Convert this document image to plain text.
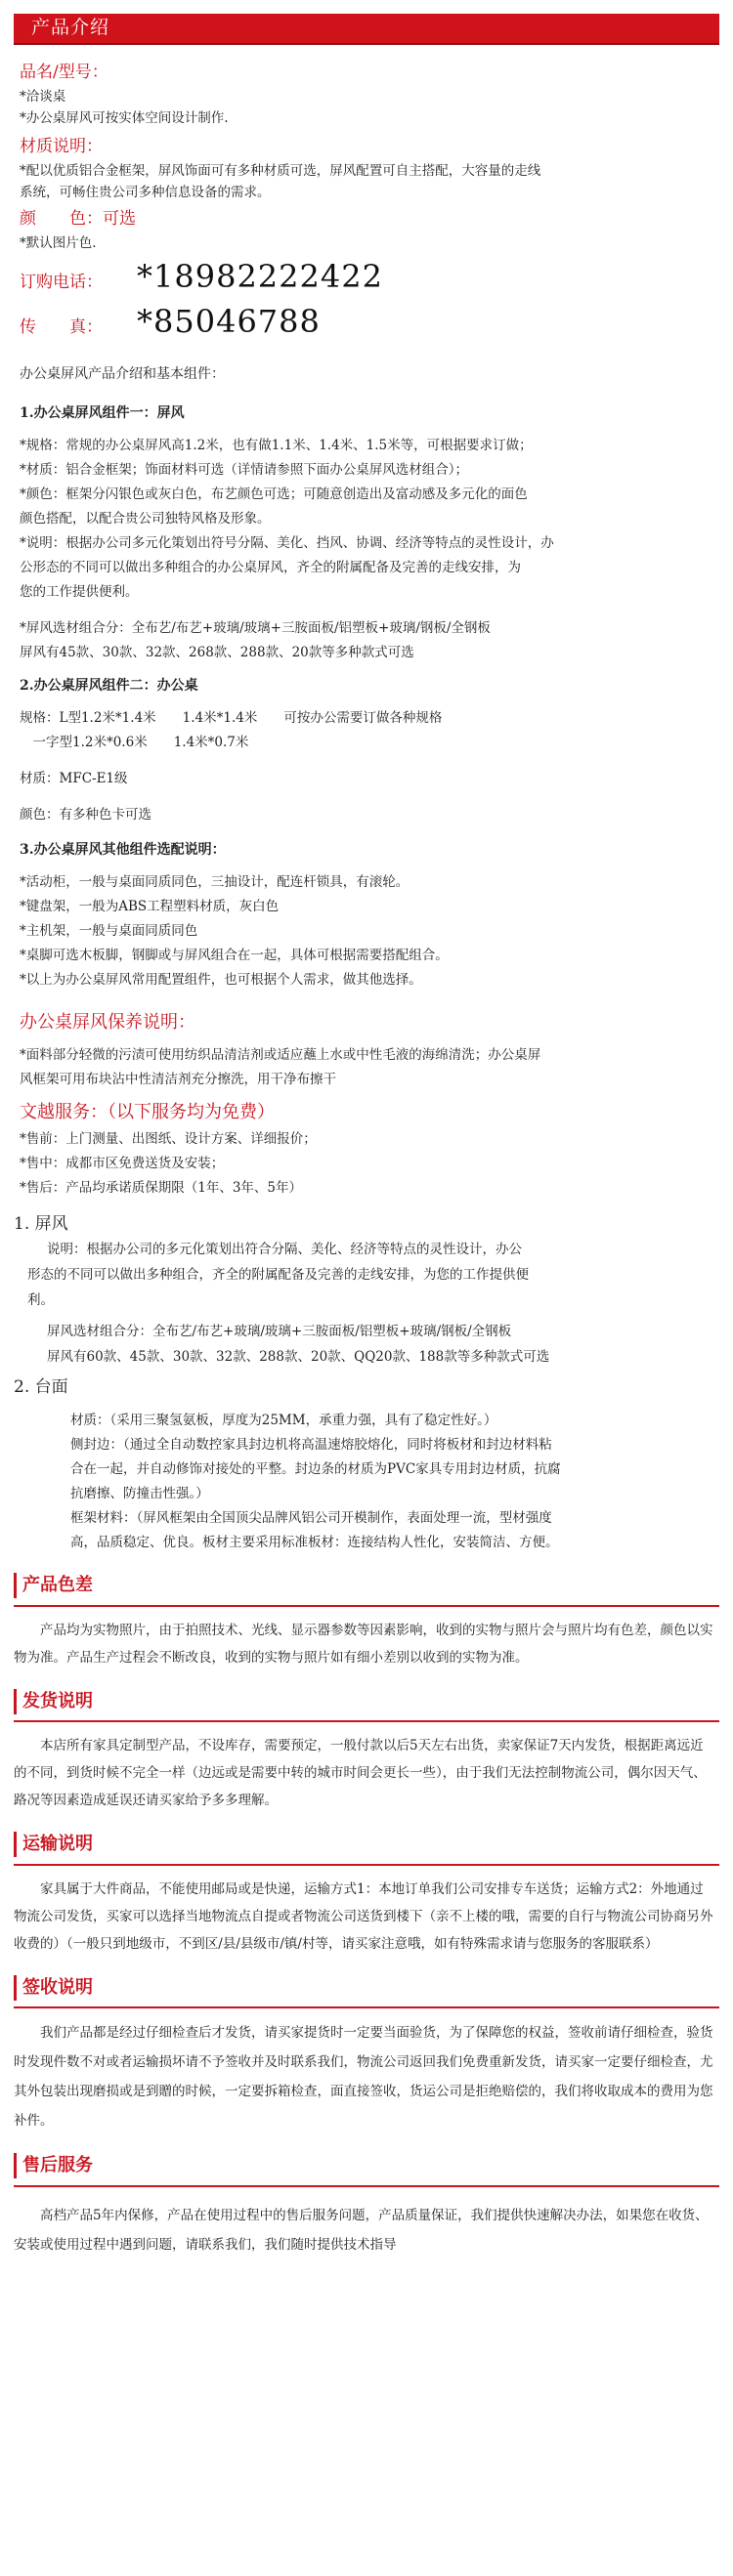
产品介绍
品名/型号：
*洽谈桌
*办公桌屏风可按实体空间设计制作.
材质说明：
*配以优质铝合金框架，屏风饰面可有多种材质可选，屏风配置可自主搭配，大容量的走线
系统，可畅住贵公司多种信息设备的需求。
颜　　色：可选
*默认图片色.
订购电话：	*18982222422
传　　真：	*85046788
办公桌屏风产品介绍和基本组件：
1.办公桌屏风组件一：屏风
*规格：常规的办公桌屏风高1.2米，也有做1.1米、1.4米、1.5米等，可根据要求订做；
*材质：铝合金框架；饰面材料可选（详情请参照下面办公桌屏风选材组合）；
*颜色：框架分闪银色或灰白色，布艺颜色可选；可随意创造出及富动感及多元化的面色
颜色搭配，以配合贵公司独特风格及形象。
*说明：根据办公司多元化策划出符号分隔、美化、挡风、协调、经济等特点的灵性设计，办
公形态的不同可以做出多种组合的办公桌屏风，齐全的附属配备及完善的走线安排，为
您的工作提供便利。
*屏风选材组合分：全布艺/布艺+玻璃/玻璃+三胺面板/铝塑板+玻璃/钢板/全钢板
屏风有45款、30款、32款、268款、288款、20款等多种款式可选
2.办公桌屏风组件二：办公桌
规格：L型1.2米*1.4米　　1.4米*1.4米　　可按办公需要订做各种规格
　一字型1.2米*0.6米　　1.4米*0.7米
材质：MFC-E1级
颜色：有多种色卡可选
3.办公桌屏风其他组件选配说明：
*活动柜，一般与桌面同质同色，三抽设计，配连杆锁具，有滚轮。
*键盘架，一般为ABS工程塑料材质，灰白色
*主机架，一般与桌面同质同色
*桌脚可选木板脚，钢脚或与屏风组合在一起，具体可根据需要搭配组合。
*以上为办公桌屏风常用配置组件，也可根据个人需求，做其他选择。
办公桌屏风保养说明：
*面料部分轻微的污渍可使用纺织品清洁剂或适应蘸上水或中性毛液的海绵清洗；办公桌屏
风框架可用布块沾中性清洁剂充分擦洗，用干净布擦干
文越服务：（以下服务均为免费）
*售前：上门测量、出图纸、设计方案、详细报价；
*售中：成都市区免费送货及安装；
*售后：产品均承诺质保期限（1年、3年、5年）
1. 屏风
说明：根据办公司的多元化策划出符合分隔、美化、经济等特点的灵性设计，办公
形态的不同可以做出多种组合，齐全的附属配备及完善的走线安排，为您的工作提供便
利。
屏风选材组合分：全布艺/布艺+玻璃/玻璃+三胺面板/铝塑板+玻璃/钢板/全钢板
屏风有60款、45款、30款、32款、288款、20款、QQ20款、188款等多种款式可选
2. 台面
材质：（采用三聚氢氨板，厚度为25MM，承重力强，具有了稳定性好。）
侧封边：（通过全自动数控家具封边机将高温速熔胶熔化，同时将板材和封边材料粘
合在一起，并自动修饰对接处的平整。封边条的材质为PVC家具专用封边材质，抗腐
抗磨擦、防撞击性强。）
框架材料：（屏风框架由全国顶尖品牌风铝公司开模制作，表面处理一流，型材强度
高，品质稳定、优良。板材主要采用标准板材：连接结构人性化，安装简洁、方便。
产品色差
产品均为实物照片，由于拍照技术、光线、显示器参数等因素影响，收到的实物与照片会与照片均有色差，颜色以实物为准。产品生产过程会不断改良，收到的实物与照片如有细小差别以收到的实物为准。
发货说明
本店所有家具定制型产品，不设库存，需要预定，一般付款以后5天左右出货，卖家保证7天内发货，根据距离远近的不同，到货时候不完全一样（边远或是需要中转的城市时间会更长一些），由于我们无法控制物流公司，偶尔因天气、路况等因素造成延误还请买家给予多多理解。
运输说明
家具属于大件商品，不能使用邮局或是快递，运输方式1：本地订单我们公司安排专车送货；运输方式2：外地通过物流公司发货，买家可以选择当地物流点自提或者物流公司送货到楼下（亲不上楼的哦，需要的自行与物流公司协商另外收费的）（一般只到地级市，不到区/县/县级市/镇/村等，请买家注意哦，如有特殊需求请与您服务的客服联系）
签收说明
我们产品都是经过仔细检查后才发货，请买家提货时一定要当面验货，为了保障您的权益，签收前请仔细检查，验货时发现件数不对或者运输损坏请不予签收并及时联系我们，物流公司返回我们免费重新发货，请买家一定要仔细检查，尤其外包装出现磨损或是到贈的时候，一定要拆箱检查，面直接签收，货运公司是拒绝赔偿的，我们将收取成本的费用为您补件。
售后服务
高档产品5年内保修，产品在使用过程中的售后服务问题，产品质量保证，我们提供快速解决办法，如果您在收货、安装或使用过程中遇到问题，请联系我们，我们随时提供技术指导
